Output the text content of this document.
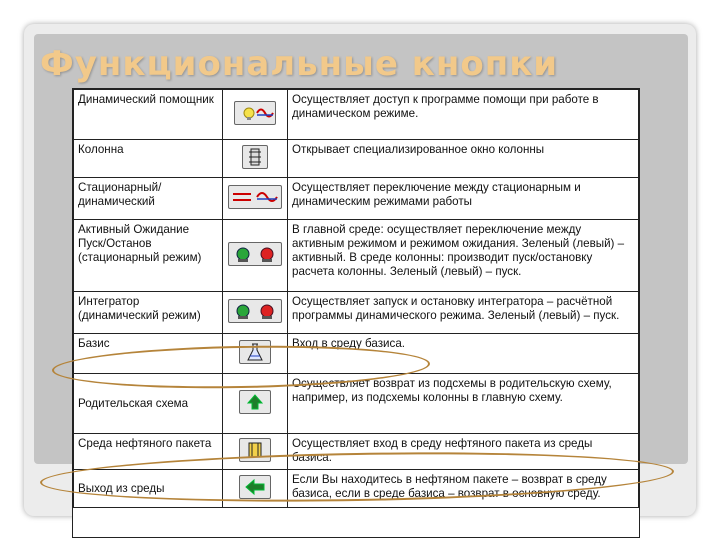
Функциональные кнопки
Динамический помощник		Осуществляет доступ к программе помощи при работе в динамическом режиме.
Колонна		Открывает специализированное окно колонны
Стационарный/ динамический		Осуществляет переключение между стационарным и динамическим режимами работы
Активный Ожидание Пуск/Останов (стационарный режим)		В главной среде: осуществляет переключение между активным режимом и режимом ожидания. Зеленый (левый) – активный. В среде колонны: производит пуск/остановку расчета колонны. Зеленый (левый) – пуск.
Интегратор (динамический режим)		Осуществляет запуск и остановку интегратора – расчётной программы динамического режима. Зеленый (левый) – пуск.
Базис		Вход в среду базиса.
Родительская схема		Осуществляет возврат из подсхемы в родительскую схему, например, из подсхемы колонны в главную схему.
Среда нефтяного пакета		Осуществляет вход в среду нефтяного пакета из среды базиса.
Выход из среды		Если Вы находитесь в нефтяном пакете – возврат в среду базиса, если в среде базиса – возврат в основную среду.
